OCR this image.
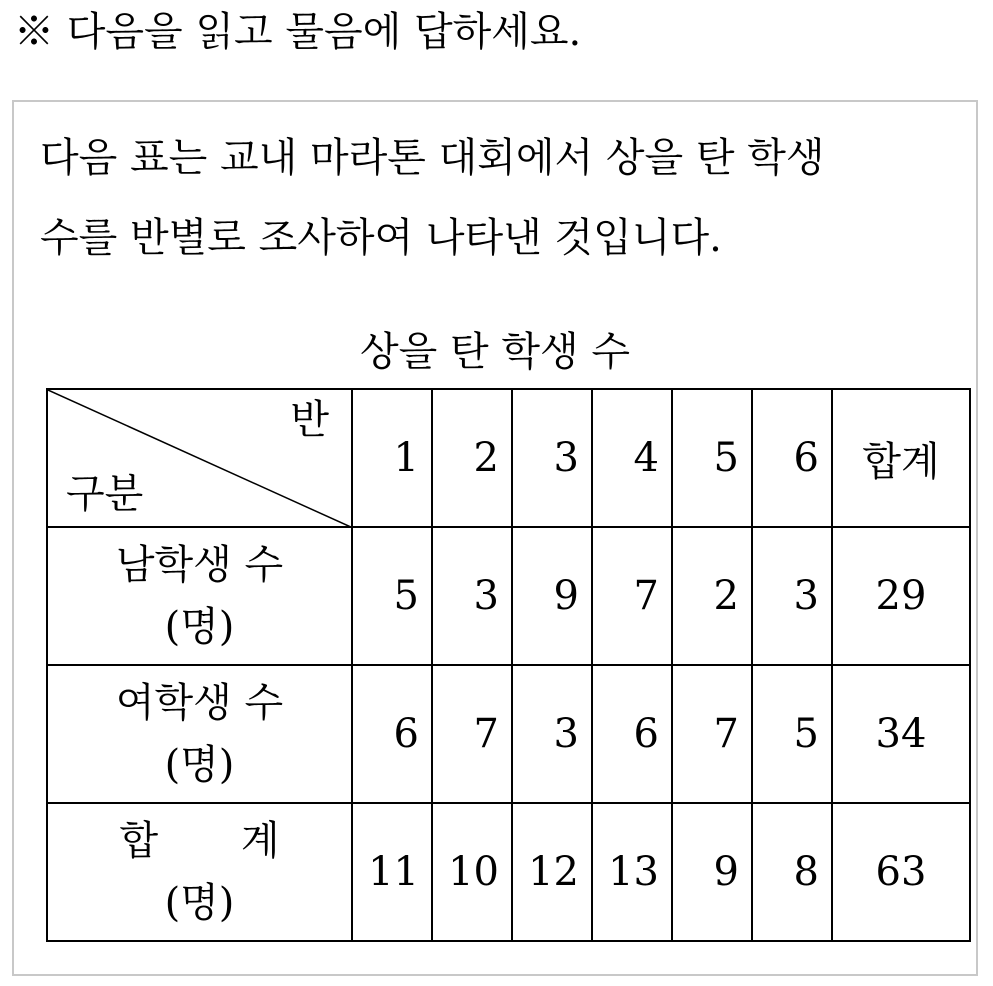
※ 다음을 읽고 물음에 답하세요.
다음 표는 교내 마라톤 대회에서 상을 탄 학생
수를 반별로 조사하여 나타낸 것입니다.
상을 탄 학생 수
반
구분	1	2	3	4	5	6	합계

남학생 수
(명)	5	3	9	7	2	3	29

여학생 수
(명)	6	7	3	6	7	5	34

합 계
(명)	11	10	12	13	9	8	63
